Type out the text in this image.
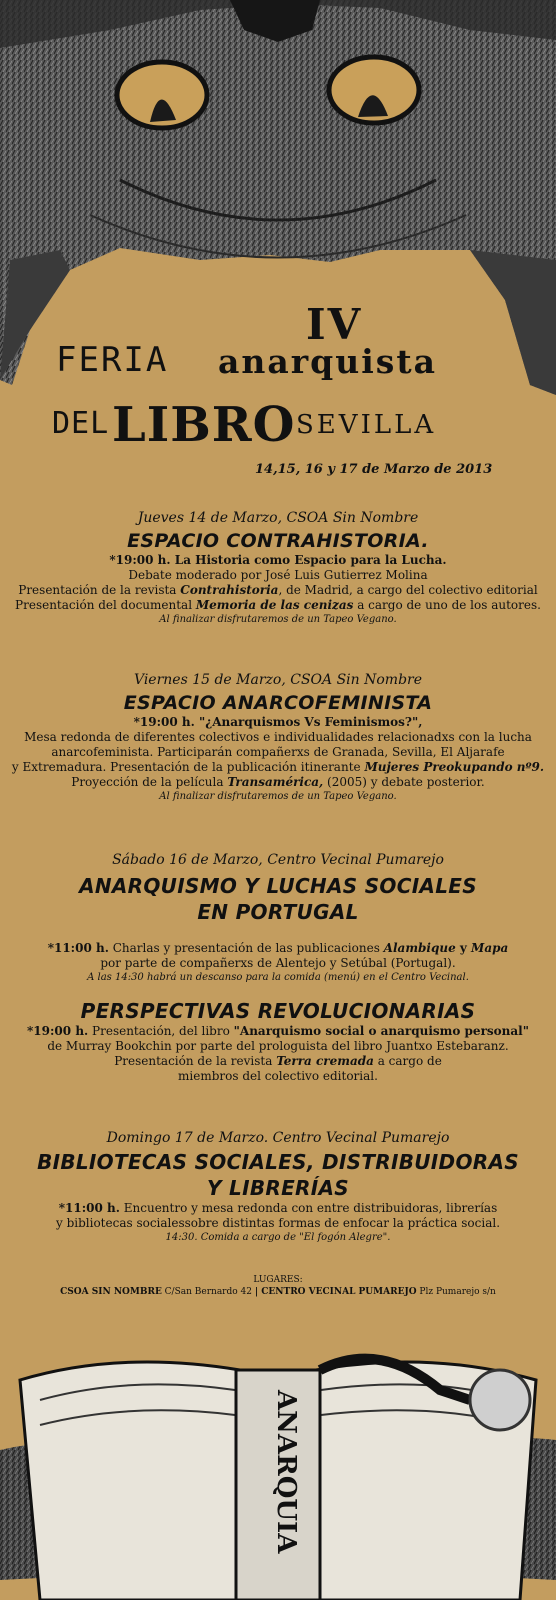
IV
FERIA anarquista
DEL LIBRO SEVILLA
14,15, 16 y 17 de Marzo de 2013
Jueves 14 de Marzo, CSOA Sin Nombre
ESPACIO CONTRAHISTORIA.
*19:00 h. La Historia como Espacio para la Lucha.
Debate moderado por José Luis Gutierrez Molina
Presentación de la revista Contrahistoria, de Madrid, a cargo del colectivo editorial
Presentación del documental Memoria de las cenizas a cargo de uno de los autores.
Al finalizar disfrutaremos de un Tapeo Vegano.
Viernes 15 de Marzo, CSOA Sin Nombre
ESPACIO ANARCOFEMINISTA
*19:00 h. "¿Anarquismos Vs Feminismos?",
Mesa redonda de diferentes colectivos e individualidades relacionadxs con la lucha
anarcofeminista. Participarán compañerxs de Granada, Sevilla, El Aljarafe
y Extremadura. Presentación de la publicación itinerante Mujeres Preokupando nº9.
Proyección de la película Transamérica, (2005) y debate posterior.
Al finalizar disfrutaremos de un Tapeo Vegano.
Sábado 16 de Marzo, Centro Vecinal Pumarejo
ANARQUISMO Y LUCHAS SOCIALES
EN PORTUGAL
*11:00 h. Charlas y presentación de las publicaciones Alambique y Mapa
por parte de compañerxs de Alentejo y Setúbal (Portugal).
A las 14:30 habrá un descanso para la comida (menú) en el Centro Vecinal.
PERSPECTIVAS REVOLUCIONARIAS
*19:00 h. Presentación, del libro "Anarquismo social o anarquismo personal"
de Murray Bookchin por parte del prologuista del libro Juantxo Estebaranz.
Presentación de la revista Terra cremada a cargo de
miembros del colectivo editorial.
Domingo 17 de Marzo. Centro Vecinal Pumarejo
BIBLIOTECAS SOCIALES, DISTRIBUIDORAS
Y LIBRERÍAS
*11:00 h. Encuentro y mesa redonda con entre distribuidoras, librerías
y bibliotecas socialessobre distintas formas de enfocar la práctica social.
14:30. Comida a cargo de "El fogón Alegre".
LUGARES:
CSOA SIN NOMBRE C/San Bernardo 42 | CENTRO VECINAL PUMAREJO Plz Pumarejo s/n
ANARQUIA
